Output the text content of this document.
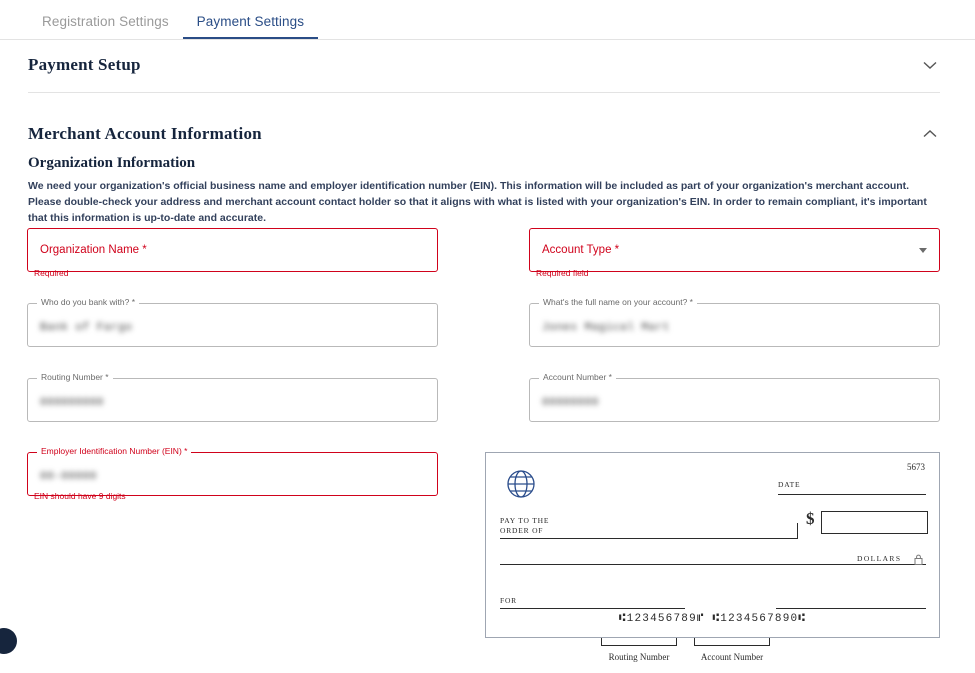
Registration Settings	Payment Settings
Payment Setup
Merchant Account Information
Organization Information
We need your organization's official business name and employer identification number (EIN). This information will be included as part of your organization's merchant account. Please double-check your address and merchant account contact holder so that it aligns with what is listed with your organization's EIN. In order to remain compliant, it's important that this information is up-to-date and accurate.
Organization Name *
Required
Account Type *
Required field
Who do you bank with? *
Bank of Fargo
What's the full name on your account? *
Jones Magical Mart
Routing Number *
000000000
Account Number *
00000000
Employer Identification Number (EIN) *
00-00000
EIN should have 9 digits
5673
DATE
PAY TO THE
ORDER OF
$
DOLLARS
FOR
⑆123456789⑈ ⑆1234567890⑆
Routing Number	Account Number
